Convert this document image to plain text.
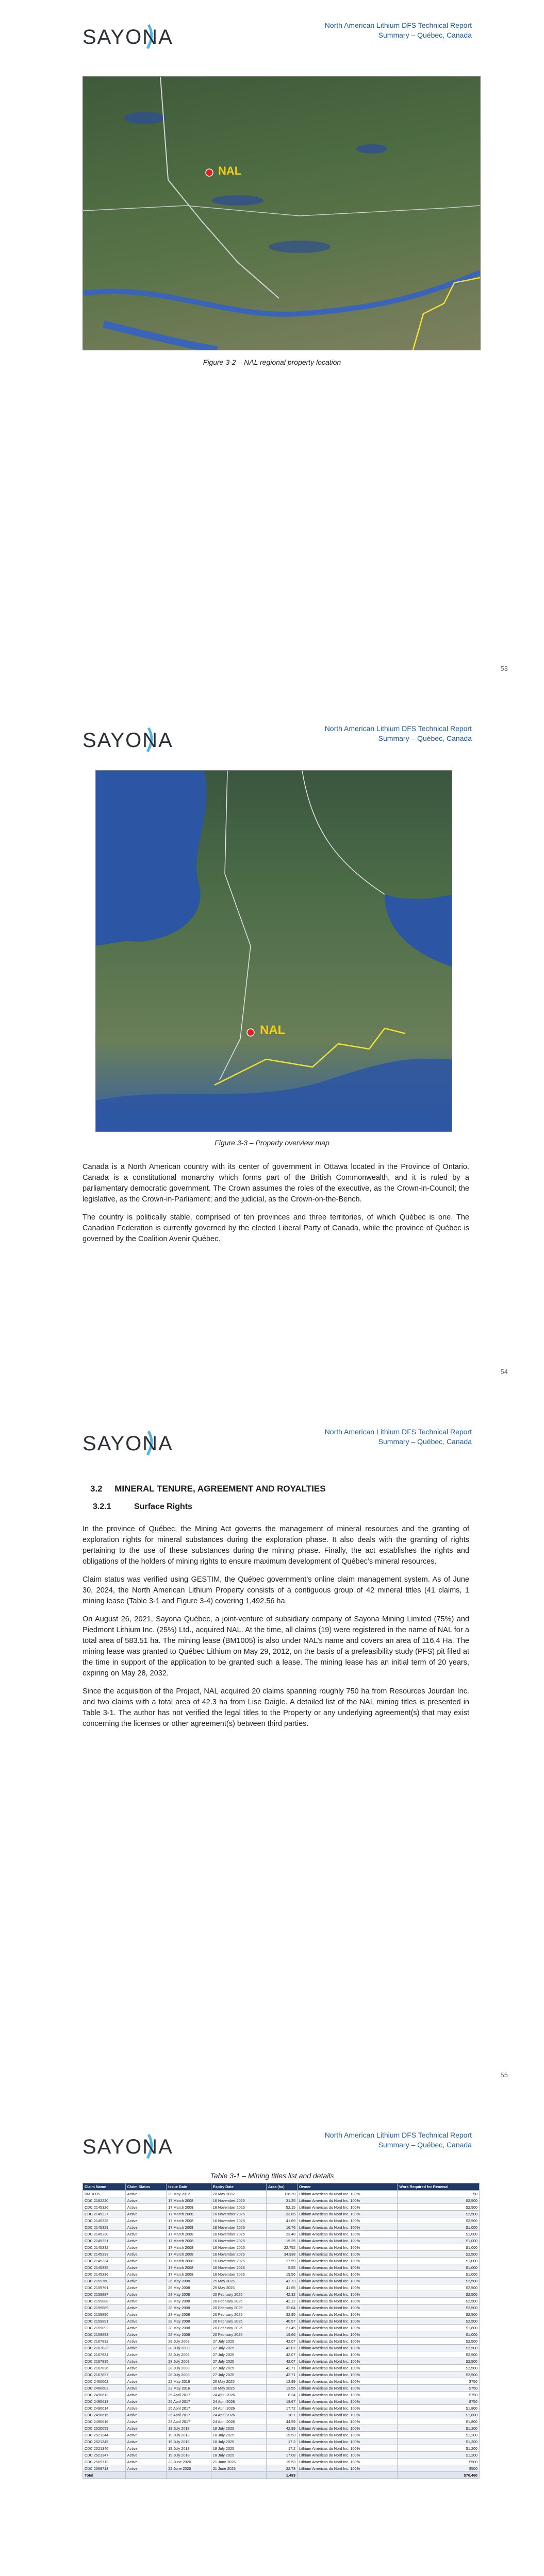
SAYONA
North American Lithium DFS Technical Report
Summary – Québec, Canada
NAL
Figure 3-2 – NAL regional property location
53
SAYONA
North American Lithium DFS Technical Report
Summary – Québec, Canada
NAL
Figure 3-3 – Property overview map

Canada is a North American country with its center of government in Ottawa located in the Province of Ontario. Canada is a constitutional monarchy which forms part of the British Commonwealth, and it is ruled by a parliamentary democratic government. The Crown assumes the roles of the executive, as the Crown-in-Council; the legislative, as the Crown-in-Parliament; and the judicial, as the Crown-on-the-Bench.

The country is politically stable, comprised of ten provinces and three territories, of which Québec is one. The Canadian Federation is currently governed by the elected Liberal Party of Canada, while the province of Québec is governed by the Coalition Avenir Québec.

54
SAYONA
North American Lithium DFS Technical Report
Summary – Québec, Canada
3.2     MINERAL TENURE, AGREEMENT AND ROYALTIES
3.2.1          Surface Rights

In the province of Québec, the Mining Act governs the management of mineral resources and the granting of exploration rights for mineral substances during the exploration phase. It also deals with the granting of rights pertaining to the use of these substances during the mining phase. Finally, the act establishes the rights and obligations of the holders of mining rights to ensure maximum development of Québec’s mineral resources.

Claim status was verified using GESTIM, the Québec government’s online claim management system. As of June 30, 2024, the North American Lithium Property consists of a contiguous group of 42 mineral titles (41 claims, 1 mining lease (Table 3-1 and Figure 3-4) covering 1,492.56 ha.

On August 26, 2021, Sayona Québec, a joint-venture of subsidiary company of Sayona Mining Limited (75%) and Piedmont Lithium Inc. (25%) Ltd., acquired NAL. At the time, all claims (19) were registered in the name of NAL for a total area of 583.51 ha. The mining lease (BM1005) is also under NAL’s name and covers an area of 116.4 Ha. The mining lease was granted to Québec Lithium on May 29, 2012, on the basis of a prefeasibility study (PFS) pit filed at the time in support of the application to be granted such a lease. The mining lease has an initial term of 20 years, expiring on May 28, 2032.

Since the acquisition of the Project, NAL acquired 20 claims spanning roughly 750 ha from Resources Jourdan Inc. and two claims with a total area of 42.3 ha from Lise Daigle. A detailed list of the NAL mining titles is presented in Table 3-1. The author has not verified the legal titles to the Property or any underlying agreement(s) that may exist concerning the licenses or other agreement(s) between third parties.

55
SAYONA
North American Lithium DFS Technical Report
Summary – Québec, Canada
Table 3-1 – Mining titles list and details
Claim Name	Claim Status	Issue Date	Expiry Date	Area (ha)	Owner	Work Required for Renewal
BM 1005	Active	29 May 2012	28 May 2032	116.39	Lithium Americas du Nord Inc. 100%	$0
CDC 2182220	Active	17 March 2008	16 November 2025	31.25	Lithium Americas du Nord Inc. 100%	$2,500
CDC 2145326	Active	17 March 2008	16 November 2025	52.15	Lithium Americas du Nord Inc. 100%	$2,500
CDC 2145327	Active	17 March 2008	16 November 2025	33.85	Lithium Americas du Nord Inc. 100%	$2,500
CDC 2145328	Active	17 March 2008	16 November 2025	41.69	Lithium Americas du Nord Inc. 100%	$2,500
CDC 2145329	Active	17 March 2008	16 November 2025	16.76	Lithium Americas du Nord Inc. 100%	$1,000
CDC 2145330	Active	17 March 2008	16 November 2025	23.48	Lithium Americas du Nord Inc. 100%	$1,000
CDC 2145331	Active	17 March 2008	16 November 2025	15.25	Lithium Americas du Nord Inc. 100%	$1,000
CDC 2145332	Active	17 March 2008	16 November 2025	22.752	Lithium Americas du Nord Inc. 100%	$1,000
CDC 2145333	Active	17 March 2008	16 November 2025	34.938	Lithium Americas du Nord Inc. 100%	$2,500
CDC 2145334	Active	17 March 2008	16 November 2025	17.59	Lithium Americas du Nord Inc. 100%	$1,000
CDC 2145335	Active	17 March 2008	16 November 2025	5.55	Lithium Americas du Nord Inc. 100%	$1,000
CDC 2145336	Active	17 March 2008	16 November 2025	19.56	Lithium Americas du Nord Inc. 100%	$1,000
CDC 2159760	Active	26 May 2008	25 May 2025	41.73	Lithium Americas du Nord Inc. 100%	$2,500
CDC 2159761	Active	26 May 2008	25 May 2025	41.65	Lithium Americas du Nord Inc. 100%	$2,500
CDC 2159887	Active	28 May 2008	20 February 2025	42.32	Lithium Americas du Nord Inc. 100%	$2,500
CDC 2159888	Active	28 May 2008	20 February 2025	42.12	Lithium Americas du Nord Inc. 100%	$2,500
CDC 2159889	Active	28 May 2008	20 February 2025	32.64	Lithium Americas du Nord Inc. 100%	$2,500
CDC 2159890	Active	28 May 2008	20 February 2025	32.95	Lithium Americas du Nord Inc. 100%	$2,500
CDC 2159891	Active	28 May 2008	20 February 2025	40.57	Lithium Americas du Nord Inc. 100%	$2,500
CDC 2159892	Active	28 May 2008	20 February 2025	21.45	Lithium Americas du Nord Inc. 100%	$1,800
CDC 2159893	Active	28 May 2008	20 February 2025	19.66	Lithium Americas du Nord Inc. 100%	$1,000
CDC 2167832	Active	28 July 2008	27 July 2025	42.07	Lithium Americas du Nord Inc. 100%	$2,500
CDC 2167833	Active	28 July 2008	27 July 2025	42.07	Lithium Americas du Nord Inc. 100%	$2,500
CDC 2167834	Active	28 July 2008	27 July 2025	42.07	Lithium Americas du Nord Inc. 100%	$2,500
CDC 2167835	Active	28 July 2008	27 July 2025	42.07	Lithium Americas du Nord Inc. 100%	$2,500
CDC 2167836	Active	28 July 2008	27 July 2025	42.71	Lithium Americas du Nord Inc. 100%	$2,500
CDC 2167837	Active	28 July 2008	27 July 2025	42.71	Lithium Americas du Nord Inc. 100%	$2,500
CDC 2460602	Active	22 May 2016	20 May 2025	12.99	Lithium Americas du Nord Inc. 100%	$750
CDC 2460603	Active	22 May 2016	20 May 2025	13.55	Lithium Americas du Nord Inc. 100%	$750
CDC 2490612	Active	25 April 2017	24 April 2026	8.24	Lithium Americas du Nord Inc. 100%	$750
CDC 2490613	Active	25 April 2017	24 April 2026	19.67	Lithium Americas du Nord Inc. 100%	$750
CDC 2490614	Active	25 April 2017	24 April 2026	17.72	Lithium Americas du Nord Inc. 100%	$1,800
CDC 2490615	Active	25 April 2017	24 April 2026	18.1	Lithium Americas du Nord Inc. 100%	$1,800
CDC 2490616	Active	25 April 2017	24 April 2026	44.59	Lithium Americas du Nord Inc. 100%	$1,800
CDC 2520059	Active	19 July 2018	18 July 2025	42.99	Lithium Americas du Nord Inc. 100%	$1,200
CDC 2521344	Active	19 July 2018	18 July 2025	19.53	Lithium Americas du Nord Inc. 100%	$1,200
CDC 2521345	Active	19 July 2018	18 July 2025	17.2	Lithium Americas du Nord Inc. 100%	$1,200
CDC 2521346	Active	19 July 2018	18 July 2025	17.2	Lithium Americas du Nord Inc. 100%	$1,200
CDC 2521347	Active	19 July 2018	18 July 2025	17.08	Lithium Americas du Nord Inc. 100%	$1,200
CDC 2569712	Active	22 June 2020	21 June 2025	19.53	Lithium Americas du Nord Inc. 100%	$500
CDC 2569713	Active	22 June 2020	21 June 2025	22.78	Lithium Americas du Nord Inc. 100%	$500
Total				1,493		$70,460
